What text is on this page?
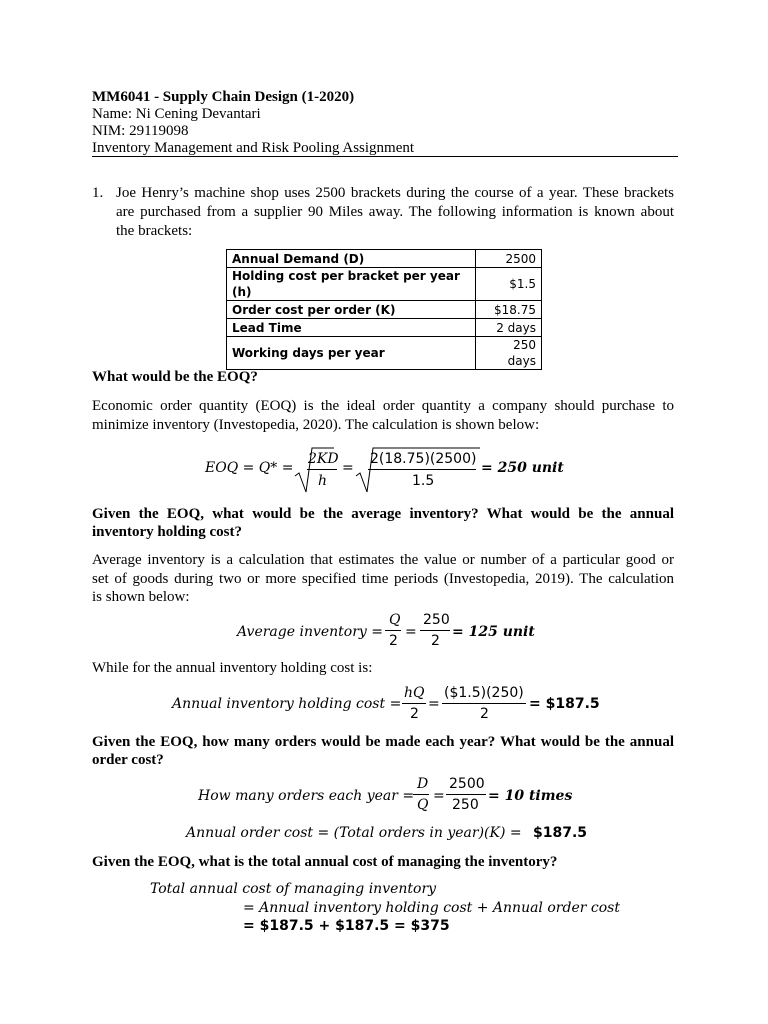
MM6041 - Supply Chain Design (1-2020)
Name: Ni Cening Devantari
NIM: 29119098
Inventory Management and Risk Pooling Assignment
1. Joe Henry’s machine shop uses 2500 brackets during the course of a year. These brackets
are purchased from a supplier 90 Miles away. The following information is known about
the brackets:
Annual Demand (D)	2500
Holding cost per bracket per year (h)	$1.5
Order cost per order (K)	$18.75
Lead Time	2 days
Working days per year	250 days
What would be the EOQ?
Economic order quantity (EOQ) is the ideal order quantity a company should purchase to
minimize inventory (Investopedia, 2020). The calculation is shown below:
EOQ = Q* =
2KD
h
=
2(18.75)(2500)
1.5
= 250 unit
Given the EOQ, what would be the average inventory? What would be the annual
inventory holding cost?
Average inventory is a calculation that estimates the value or number of a particular good or
set of goods during two or more specified time periods (Investopedia, 2019). The calculation
is shown below:
Average inventory =
Q
2
=
250
2
= 125 unit
While for the annual inventory holding cost is:
Annual inventory holding cost =
hQ
2
=
($1.5)(250)
2
= $187.5
Given the EOQ, how many orders would be made each year? What would be the annual
order cost?
How many orders each year =
D
Q
=
2500
250
= 10 times
Annual order cost = (Total orders in year)(K) = $187.5
Given the EOQ, what is the total annual cost of managing the inventory?
Total annual cost of managing inventory
= Annual inventory holding cost + Annual order cost
= $187.5 + $187.5 = $375
